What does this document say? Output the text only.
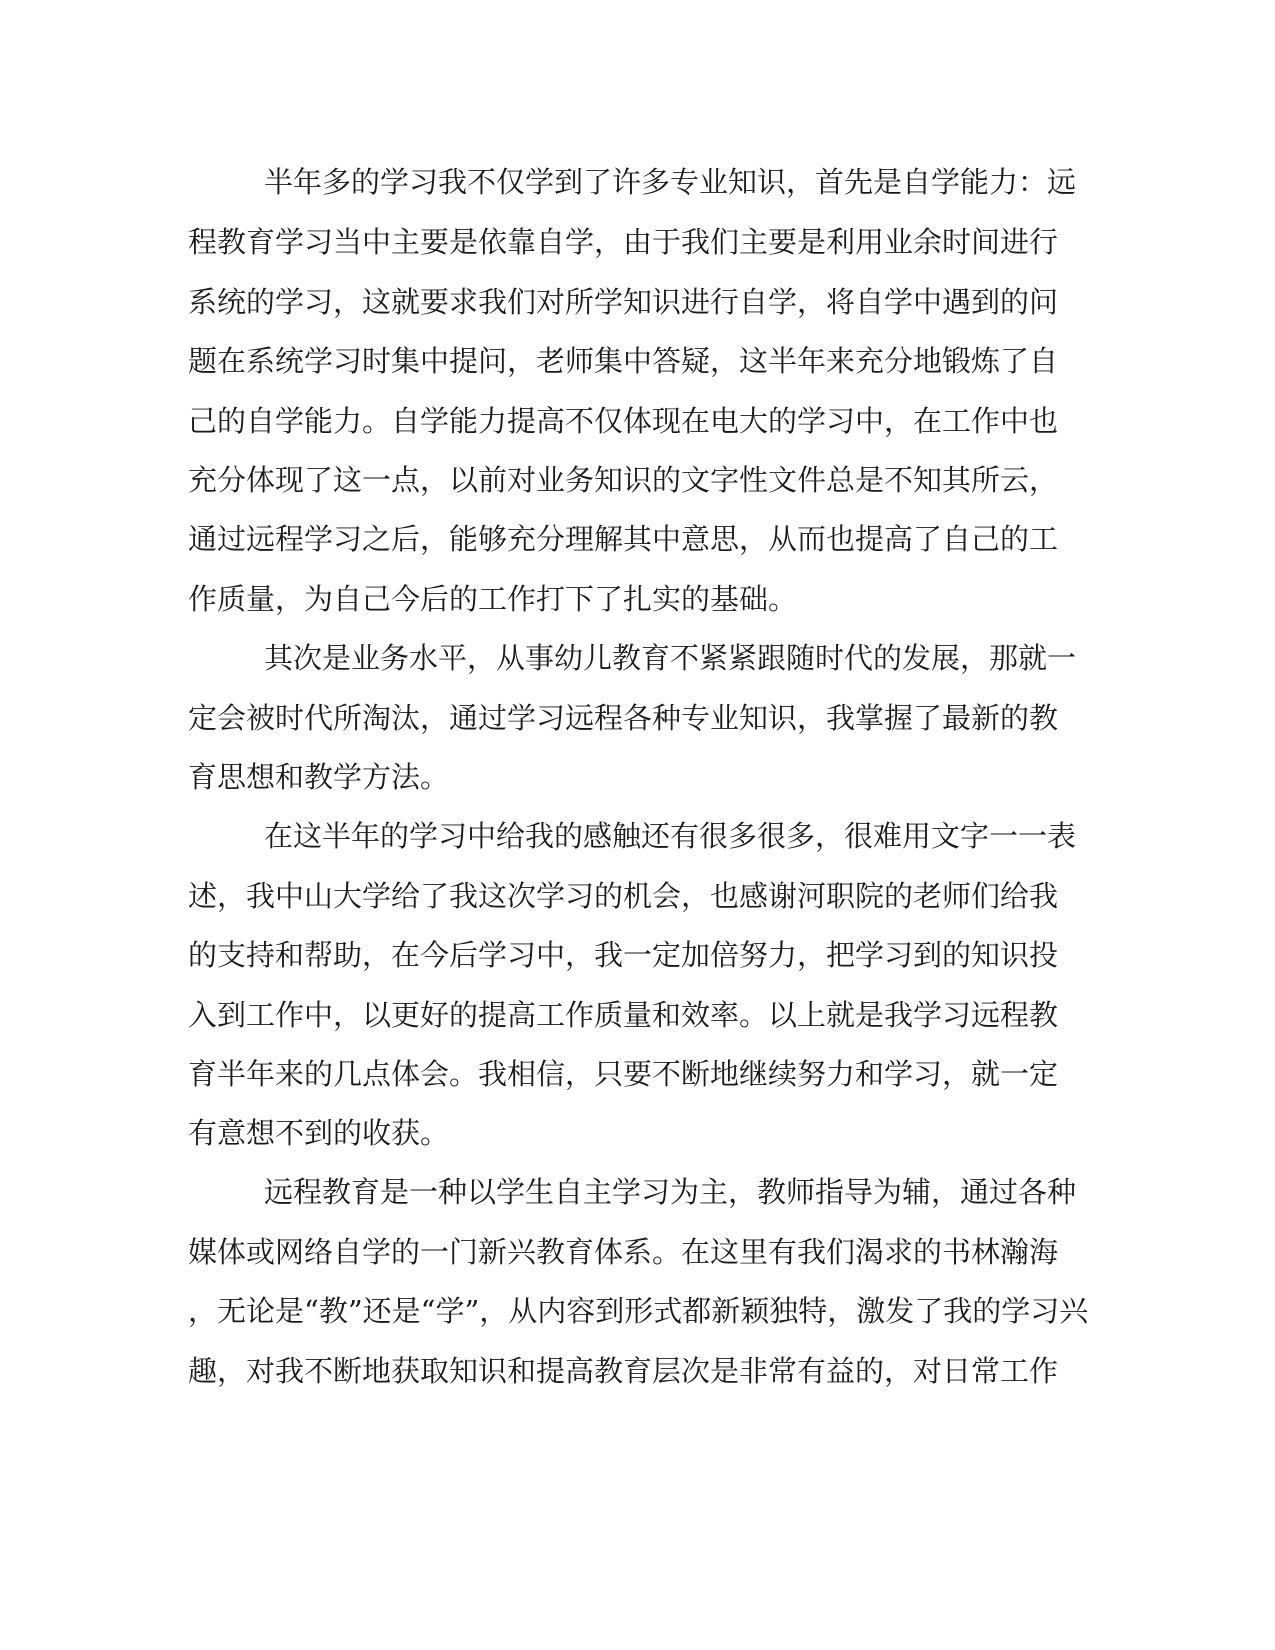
半年多的学习我不仅学到了许多专业知识，首先是自学能力：远
程教育学习当中主要是依靠自学，由于我们主要是利用业余时间进行
系统的学习，这就要求我们对所学知识进行自学，将自学中遇到的问
题在系统学习时集中提问，老师集中答疑，这半年来充分地锻炼了自
己的自学能力。自学能力提高不仅体现在电大的学习中，在工作中也
充分体现了这一点，以前对业务知识的文字性文件总是不知其所云，
通过远程学习之后，能够充分理解其中意思，从而也提高了自己的工
作质量，为自己今后的工作打下了扎实的基础。
其次是业务水平，从事幼儿教育不紧紧跟随时代的发展，那就一
定会被时代所淘汰，通过学习远程各种专业知识，我掌握了最新的教
育思想和教学方法。
在这半年的学习中给我的感触还有很多很多，很难用文字一一表
述，我中山大学给了我这次学习的机会，也感谢河职院的老师们给我
的支持和帮助，在今后学习中，我一定加倍努力，把学习到的知识投
入到工作中，以更好的提高工作质量和效率。以上就是我学习远程教
育半年来的几点体会。我相信，只要不断地继续努力和学习，就一定
有意想不到的收获。
远程教育是一种以学生自主学习为主，教师指导为辅，通过各种
媒体或网络自学的一门新兴教育体系。在这里有我们渴求的书林瀚海
，无论是“教”还是“学”，从内容到形式都新颖独特，激发了我的学习兴
趣，对我不断地获取知识和提高教育层次是非常有益的，对日常工作
